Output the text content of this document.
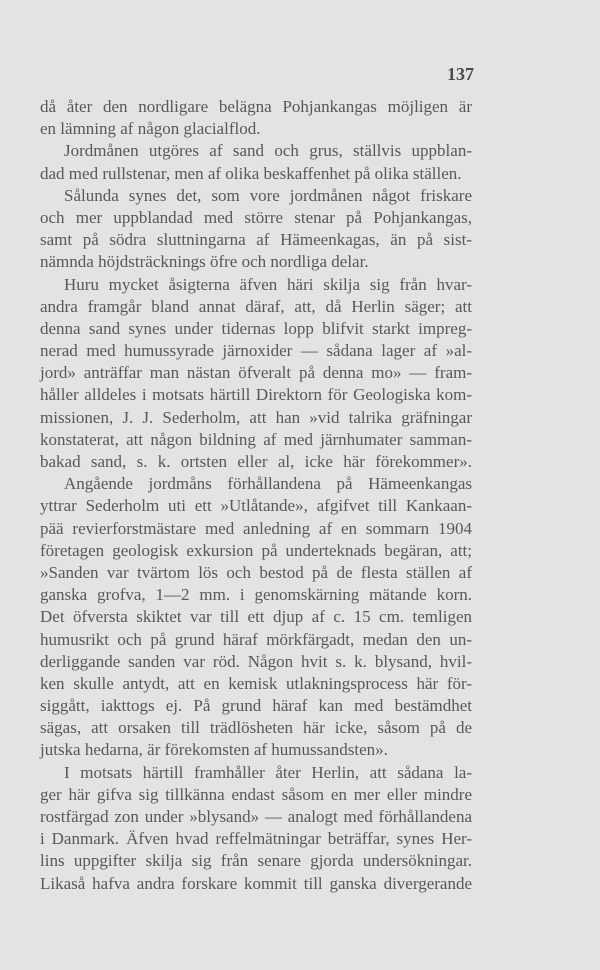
137
då åter den nordligare belägna Pohjankangas möjligen är
en lämning af någon glacialflod.
Jordmånen utgöres af sand och grus, ställvis uppblan-
dad med rullstenar, men af olika beskaffenhet på olika ställen.
Sålunda synes det, som vore jordmånen något friskare
och mer uppblandad med större stenar på Pohjankangas,
samt på södra sluttningarna af Hämeenkagas, än på sist-
nämnda höjdsträcknings öfre och nordliga delar.
Huru mycket åsigterna äfven häri skilja sig från hvar-
andra framgår bland annat däraf, att, då Herlin säger; att
denna sand synes under tidernas lopp blifvit starkt impreg-
nerad med humussyrade järnoxider — sådana lager af »al-
jord» anträffar man nästan öfveralt på denna mo» — fram-
håller alldeles i motsats härtill Direktorn för Geologiska kom-
missionen, J. J. Sederholm, att han »vid talrika gräfningar
konstaterat, att någon bildning af med järnhumater samman-
bakad sand, s. k. ortsten eller al, icke här förekommer».
Angående jordmåns förhållandena på Hämeenkangas
yttrar Sederholm uti ett »Utlåtande», afgifvet till Kankaan-
pää revierforstmästare med anledning af en sommarn 1904
företagen geologisk exkursion på underteknads begäran, att;
»Sanden var tvärtom lös och bestod på de flesta ställen af
ganska grofva, 1—2 mm. i genomskärning mätande korn.
Det öfversta skiktet var till ett djup af c. 15 cm. temligen
humusrikt och på grund häraf mörkfärgadt, medan den un-
derliggande sanden var röd. Någon hvit s. k. blysand, hvil-
ken skulle antydt, att en kemisk utlakningsprocess här för-
siggått, iakttogs ej. På grund häraf kan med bestämdhet
sägas, att orsaken till trädlösheten här icke, såsom på de
jutska hedarna, är förekomsten af humussandsten».
I motsats härtill framhåller åter Herlin, att sådana la-
ger här gifva sig tillkänna endast såsom en mer eller mindre
rostfärgad zon under »blysand» — analogt med förhållandena
i Danmark. Äfven hvad reffelmätningar beträffar, synes Her-
lins uppgifter skilja sig från senare gjorda undersökningar.
Likaså hafva andra forskare kommit till ganska divergerande
